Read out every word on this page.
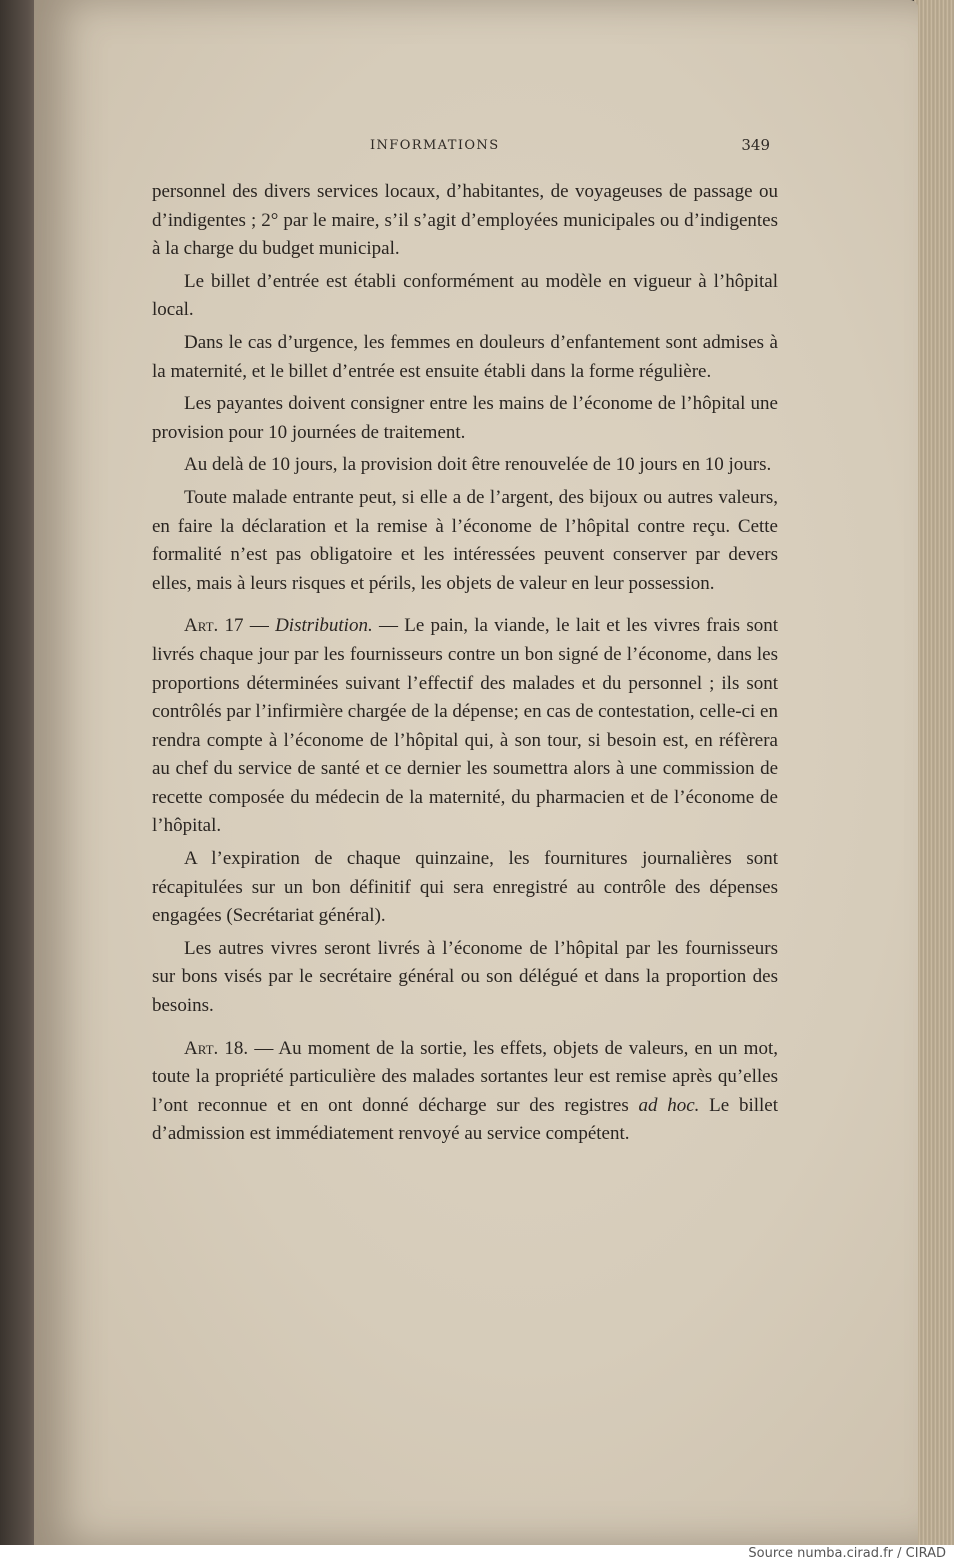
INFORMATIONS	349

personnel des divers services locaux, d’habitantes, de voyageuses de passage ou d’indigentes ; 2° par le maire, s’il s’agit d’employées municipales ou d’indigentes à la charge du budget municipal.

Le billet d’entrée est établi conformément au modèle en vigueur à l’hôpital local.

Dans le cas d’urgence, les femmes en douleurs d’enfantement sont admises à la maternité, et le billet d’entrée est ensuite établi dans la forme régulière.

Les payantes doivent consigner entre les mains de l’économe de l’hôpital une provision pour 10 journées de traitement.

Au delà de 10 jours, la provision doit être renouvelée de 10 jours en 10 jours.

Toute malade entrante peut, si elle a de l’argent, des bijoux ou autres valeurs, en faire la déclaration et la remise à l’économe de l’hôpital contre reçu. Cette formalité n’est pas obligatoire et les intéressées peuvent conserver par devers elles, mais à leurs risques et périls, les objets de valeur en leur possession.

Art. 17 — Distribution. — Le pain, la viande, le lait et les vivres frais sont livrés chaque jour par les fournisseurs contre un bon signé de l’économe, dans les proportions déterminées suivant l’effectif des malades et du personnel ; ils sont contrôlés par l’infirmière chargée de la dépense; en cas de contestation, celle-ci en rendra compte à l’économe de l’hôpital qui, à son tour, si besoin est, en réfèrera au chef du service de santé et ce dernier les soumettra alors à une commission de recette composée du médecin de la maternité, du pharmacien et de l’économe de l’hôpital.

A l’expiration de chaque quinzaine, les fournitures journalières sont récapitulées sur un bon définitif qui sera enregistré au contrôle des dépenses engagées (Secrétariat général).

Les autres vivres seront livrés à l’économe de l’hôpital par les fournisseurs sur bons visés par le secrétaire général ou son délégué et dans la proportion des besoins.

Art. 18. — Au moment de la sortie, les effets, objets de valeurs, en un mot, toute la propriété particulière des malades sortantes leur est remise après qu’elles l’ont reconnue et en ont donné décharge sur des registres ad hoc. Le billet d’admission est immédiatement renvoyé au service compétent.

Source numba.cirad.fr / CIRAD
